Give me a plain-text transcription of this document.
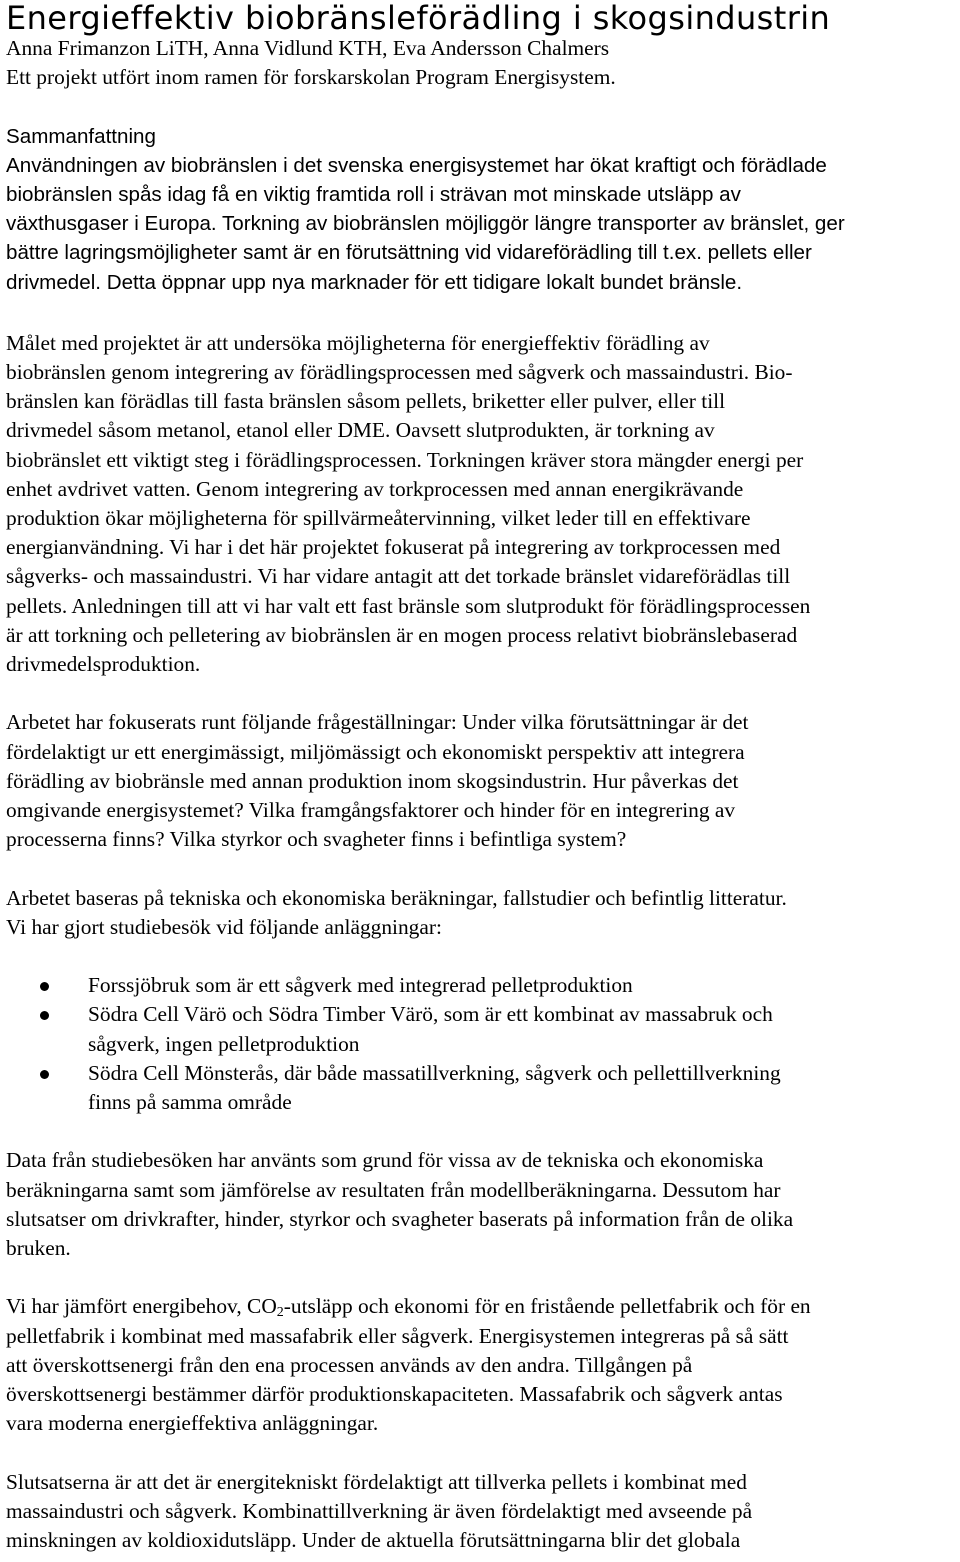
Energieffektiv biobränsleförädling i skogsindustrin
Anna Frimanzon LiTH, Anna Vidlund KTH, Eva Andersson Chalmers
Ett projekt utfört inom ramen för forskarskolan Program Energisystem.
Sammanfattning
Användningen av biobränslen i det svenska energisystemet har ökat kraftigt och förädlade
biobränslen spås idag få en viktig framtida roll i strävan mot minskade utsläpp av
växthusgaser i Europa. Torkning av biobränslen möjliggör längre transporter av bränslet, ger
bättre lagringsmöjligheter samt är en förutsättning vid vidareförädling till t.ex. pellets eller
drivmedel. Detta öppnar upp nya marknader för ett tidigare lokalt bundet bränsle.
Målet med projektet är att undersöka möjligheterna för energieffektiv förädling av
biobränslen genom integrering av förädlingsprocessen med sågverk och massaindustri. Bio-
bränslen kan förädlas till fasta bränslen såsom pellets, briketter eller pulver, eller till
drivmedel såsom metanol, etanol eller DME. Oavsett slutprodukten, är torkning av
biobränslet ett viktigt steg i förädlingsprocessen. Torkningen kräver stora mängder energi per
enhet avdrivet vatten. Genom integrering av torkprocessen med annan energikrävande
produktion ökar möjligheterna för spillvärmeåtervinning, vilket leder till en effektivare
energianvändning. Vi har i det här projektet fokuserat på integrering av torkprocessen med
sågverks- och massaindustri. Vi har vidare antagit att det torkade bränslet vidareförädlas till
pellets. Anledningen till att vi har valt ett fast bränsle som slutprodukt för förädlingsprocessen
är att torkning och pelletering av biobränslen är en mogen process relativt biobränslebaserad
drivmedelsproduktion.
Arbetet har fokuserats runt följande frågeställningar: Under vilka förutsättningar är det
fördelaktigt ur ett energimässigt, miljömässigt och ekonomiskt perspektiv att integrera
förädling av biobränsle med annan produktion inom skogsindustrin. Hur påverkas det
omgivande energisystemet? Vilka framgångsfaktorer och hinder för en integrering av
processerna finns? Vilka styrkor och svagheter finns i befintliga system?
Arbetet baseras på tekniska och ekonomiska beräkningar, fallstudier och befintlig litteratur.
Vi har gjort studiebesök vid följande anläggningar:
Forssjöbruk som är ett sågverk med integrerad pelletproduktion
Södra Cell Värö och Södra Timber Värö, som är ett kombinat av massabruk och
sågverk, ingen pelletproduktion
Södra Cell Mönsterås, där både massatillverkning, sågverk och pellettillverkning
finns på samma område
Data från studiebesöken har använts som grund för vissa av de tekniska och ekonomiska
beräkningarna samt som jämförelse av resultaten från modellberäkningarna. Dessutom har
slutsatser om drivkrafter, hinder, styrkor och svagheter baserats på information från de olika
bruken.
Vi har jämfört energibehov, $CO_2$-utsläpp och ekonomi för en fristående pelletfabrik och för en
pelletfabrik i kombinat med massafabrik eller sågverk. Energisystemen integreras på så sätt
att överskottsenergi från den ena processen används av den andra. Tillgången på
överskottsenergi bestämmer därför produktionskapaciteten. Massafabrik och sågverk antas
vara moderna energieffektiva anläggningar.
Slutsatserna är att det är energitekniskt fördelaktigt att tillverka pellets i kombinat med
massaindustri och sågverk. Kombinattillverkning är även fördelaktigt med avseende på
minskningen av koldioxidutsläpp. Under de aktuella förutsättningarna blir det globala
